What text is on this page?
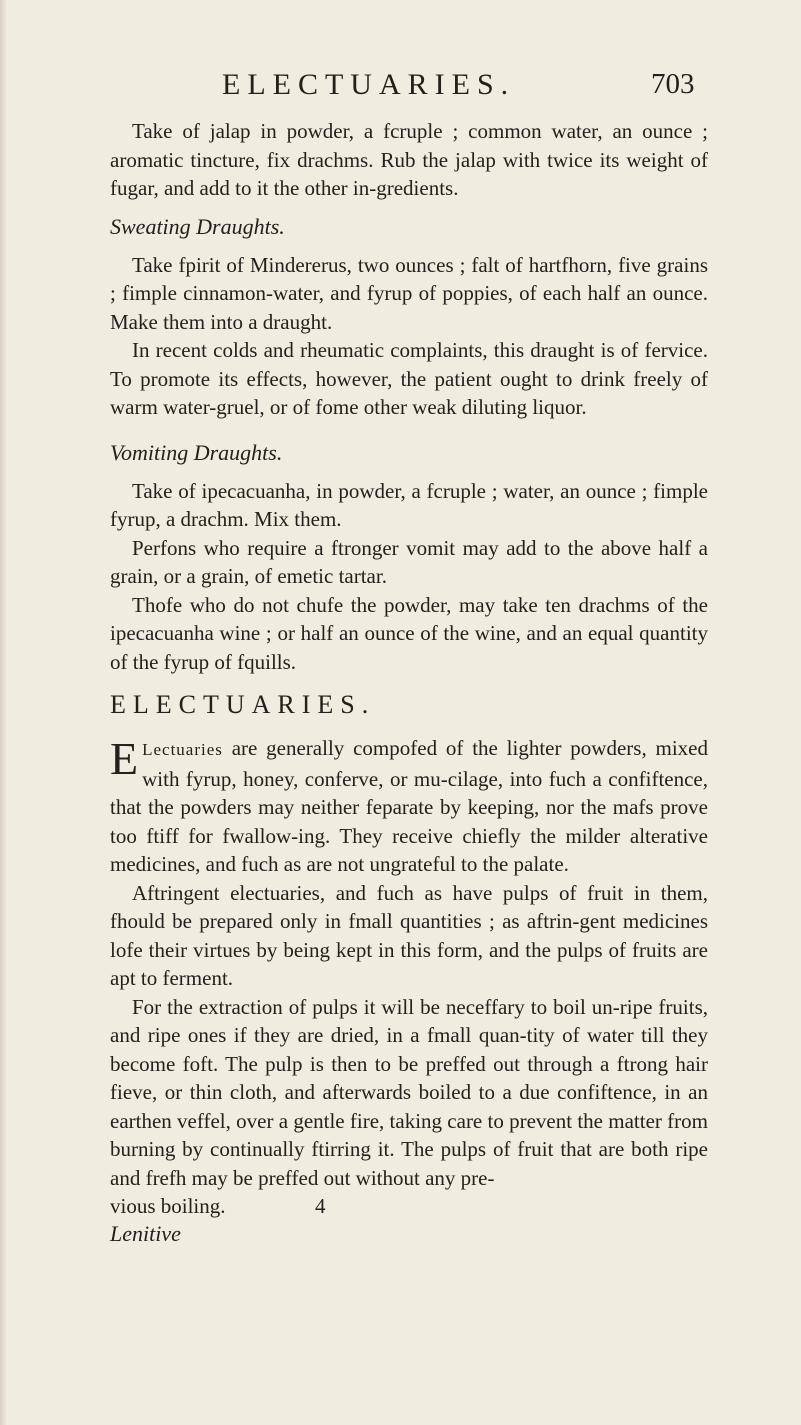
ELECTUARIES.	703

Take of jalap in powder, a fcruple ; common water, an ounce ; aromatic tincture, fix drachms. Rub the jalap with twice its weight of fugar, and add to it the other in-gredients.

Sweating Draughts.

Take fpirit of Mindererus, two ounces ; falt of hartfhorn, five grains ; fimple cinnamon-water, and fyrup of poppies, of each half an ounce. Make them into a draught.

In recent colds and rheumatic complaints, this draught is of fervice. To promote its effects, however, the patient ought to drink freely of warm water-gruel, or of fome other weak diluting liquor.

Vomiting Draughts.

Take of ipecacuanha, in powder, a fcruple ; water, an ounce ; fimple fyrup, a drachm. Mix them.

Perfons who require a ftronger vomit may add to the above half a grain, or a grain, of emetic tartar.

Thofe who do not chufe the powder, may take ten drachms of the ipecacuanha wine ; or half an ounce of the wine, and an equal quantity of the fyrup of fquills.

ELECTUARIES.

E Lectuaries are generally compofed of the lighter powders, mixed with fyrup, honey, conferve, or mu-cilage, into fuch a confiftence, that the powders may neither feparate by keeping, nor the mafs prove too ftiff for fwallow-ing. They receive chiefly the milder alterative medicines, and fuch as are not ungrateful to the palate.

Aftringent electuaries, and fuch as have pulps of fruit in them, fhould be prepared only in fmall quantities ; as aftrin-gent medicines lofe their virtues by being kept in this form, and the pulps of fruits are apt to ferment.

For the extraction of pulps it will be neceffary to boil un-ripe fruits, and ripe ones if they are dried, in a fmall quan-tity of water till they become foft. The pulp is then to be preffed out through a ftrong hair fieve, or thin cloth, and afterwards boiled to a due confiftence, in an earthen veffel, over a gentle fire, taking care to prevent the matter from burning by continually ftirring it. The pulps of fruit that are both ripe and frefh may be preffed out without any pre-

vious boiling.	4

Lenitive
